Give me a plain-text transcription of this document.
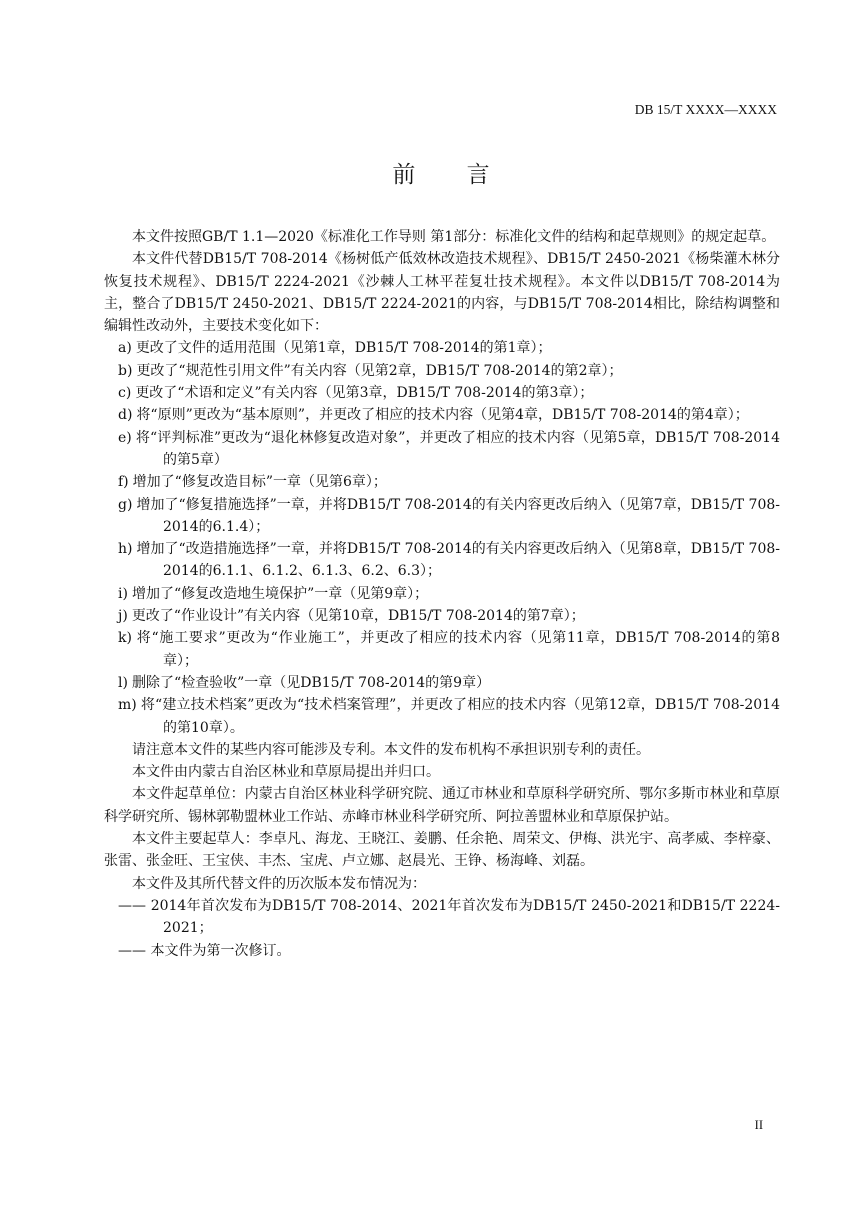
DB 15/T XXXX—XXXX
前 言

本文件按照GB/T 1.1—2020《标准化工作导则 第1部分：标准化文件的结构和起草规则》的规定起草。

本文件代替DB15/T 708-2014《杨树低产低效林改造技术规程》、DB15/T 2450-2021《杨柴灌木林分恢复技术规程》、DB15/T 2224-2021《沙棘人工林平茬复壮技术规程》。本文件以DB15/T 708-2014为主，整合了DB15/T 2450-2021、DB15/T 2224-2021的内容，与DB15/T 708-2014相比，除结构调整和编辑性改动外，主要技术变化如下：

a) 更改了文件的适用范围（见第1章，DB15/T 708-2014的第1章）；
b) 更改了“规范性引用文件”有关内容（见第2章，DB15/T 708-2014的第2章）；
c) 更改了“术语和定义”有关内容（见第3章，DB15/T 708-2014的第3章）；
d) 将“原则”更改为“基本原则”，并更改了相应的技术内容（见第4章，DB15/T 708-2014的第4章）；
e) 将“评判标准”更改为“退化林修复改造对象”，并更改了相应的技术内容（见第5章，DB15/T 708-2014的第5章）
f) 增加了“修复改造目标”一章（见第6章）；
g) 增加了“修复措施选择”一章，并将DB15/T 708-2014的有关内容更改后纳入（见第7章，DB15/T 708-2014的6.1.4）；
h) 增加了“改造措施选择”一章，并将DB15/T 708-2014的有关内容更改后纳入（见第8章，DB15/T 708-2014的6.1.1、6.1.2、6.1.3、6.2、6.3）；
i) 增加了“修复改造地生境保护”一章（见第9章）；
j) 更改了“作业设计”有关内容（见第10章，DB15/T 708-2014的第7章）；
k) 将“施工要求”更改为“作业施工”，并更改了相应的技术内容（见第11章，DB15/T 708-2014的第8章）；
l) 删除了“检查验收”一章（见DB15/T 708-2014的第9章）
m) 将“建立技术档案”更改为“技术档案管理”，并更改了相应的技术内容（见第12章，DB15/T 708-2014的第10章）。

请注意本文件的某些内容可能涉及专利。本文件的发布机构不承担识别专利的责任。

本文件由内蒙古自治区林业和草原局提出并归口。

本文件起草单位：内蒙古自治区林业科学研究院、通辽市林业和草原科学研究所、鄂尔多斯市林业和草原科学研究所、锡林郭勒盟林业工作站、赤峰市林业科学研究所、阿拉善盟林业和草原保护站。

本文件主要起草人：李卓凡、海龙、王晓江、姜鹏、任余艳、周荣文、伊梅、洪光宇、高孝威、李梓豪、张雷、张金旺、王宝侠、丰杰、宝虎、卢立娜、赵晨光、王铮、杨海峰、刘磊。

本文件及其所代替文件的历次版本发布情况为：

—— 2014年首次发布为DB15/T 708-2014、2021年首次发布为DB15/T 2450-2021和DB15/T 2224-2021；
—— 本文件为第一次修订。
II
